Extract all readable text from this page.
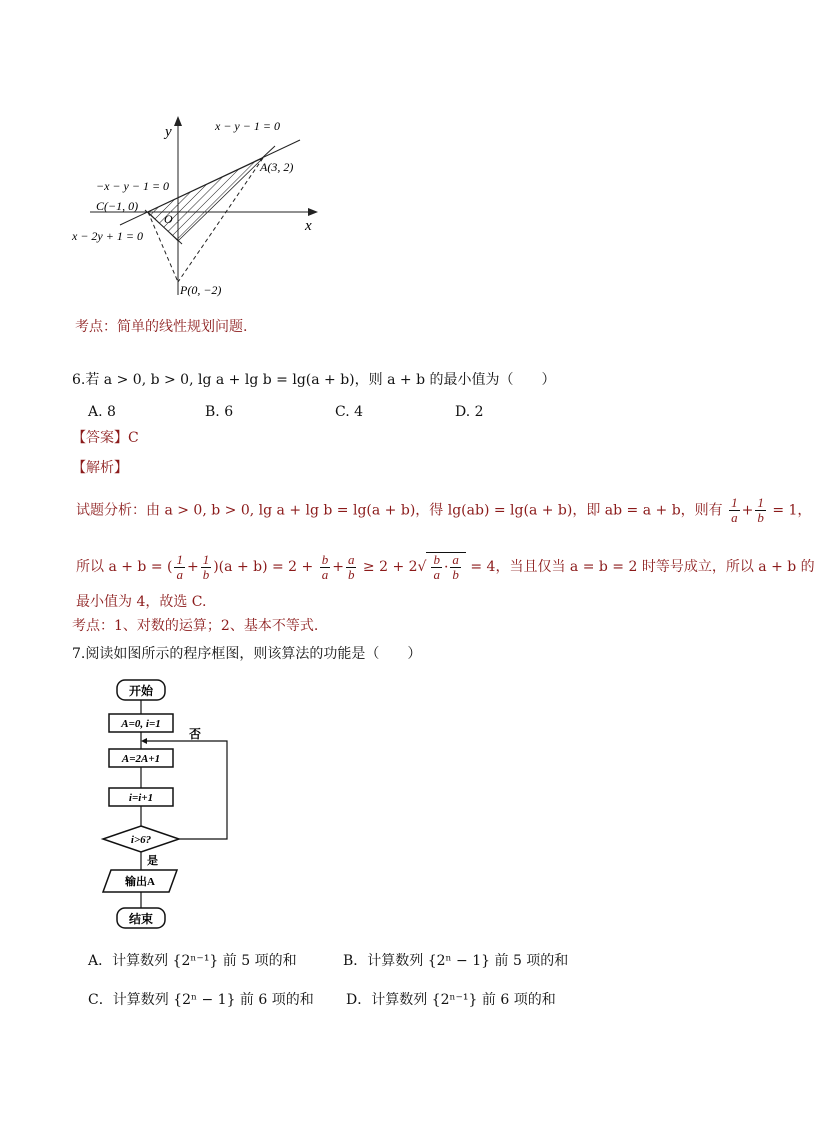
y
x
O
x − y − 1 = 0
−x − y − 1 = 0
x − 2y + 1 = 0
A(3, 2)
C(−1, 0)
P(0, −2)
考点：简单的线性规划问题.
6.若 a > 0, b > 0, lg a + lg b = lg(a + b)，则 a + b 的最小值为（　　）
A. 8	B. 6	C. 4	D. 2
【答案】C
【解析】
试题分析：由 a > 0, b > 0, lg a + lg b = lg(a + b)，得 lg(ab) = lg(a + b)，即 ab = a + b，则有 $\frac{1}{a} + \frac{1}{b} = 1$，
所以 a + b = ( $\frac{1}{a} + \frac{1}{b} )(a + b) = 2 + \frac{b}{a} + \frac{a}{b} \ge 2 + 2√ \frac{b}{a} \cdot \frac{a}{b} = 4$，当且仅当 a = b = 2 时等号成立，所以 a + b 的
最小值为 4，故选 C.
考点：1、对数的运算；2、基本不等式.
7.阅读如图所示的程序框图，则该算法的功能是（　　）
开始
A=0, i=1
A=2A+1
i=i+1
i>6?
否
是
输出A
结束
A．计算数列 {2ⁿ⁻¹} 前 5 项的和	B．计算数列 {2ⁿ − 1} 前 5 项的和
C．计算数列 {2ⁿ − 1} 前 6 项的和 D．计算数列 {2ⁿ⁻¹} 前 6 项的和
